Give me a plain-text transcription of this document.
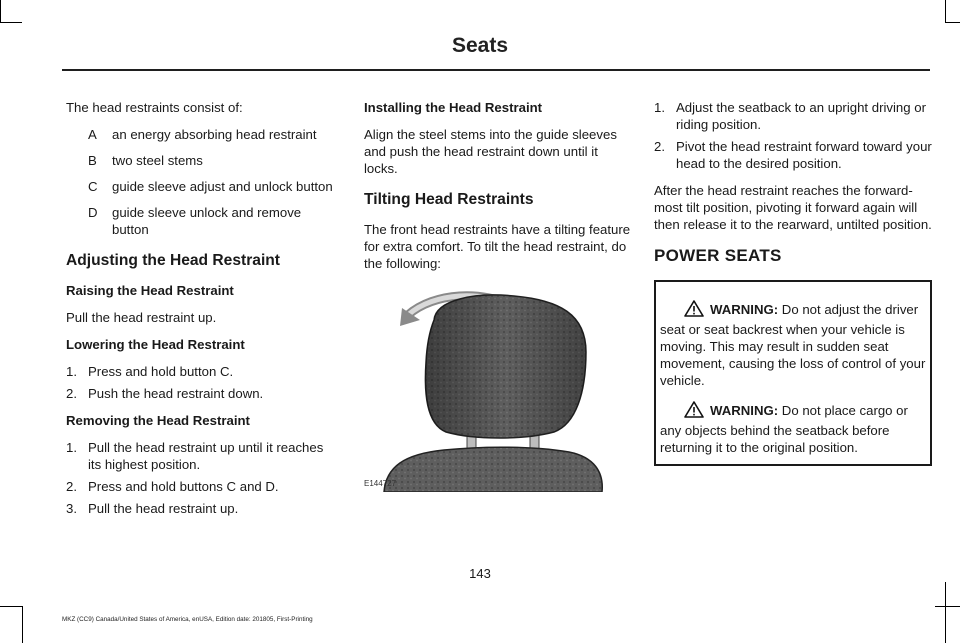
Seats

The head restraints consist of:

A	an energy absorbing head restraint
B	two steel stems
C	guide sleeve adjust and unlock button
D	guide sleeve unlock and remove button
Adjusting the Head Restraint
Raising the Head Restraint

Pull the head restraint up.

Lowering the Head Restraint
1. Press and hold button C.
2. Push the head restraint down.
Removing the Head Restraint
1. Pull the head restraint up until it reaches its highest position.
2. Press and hold buttons C and D.
3. Pull the head restraint up.
Installing the Head Restraint

Align the steel stems into the guide sleeves and push the head restraint down until it locks.

Tilting Head Restraints

The front head restraints have a tilting feature for extra comfort. To tilt the head restraint, do the following:

E144727
1. Adjust the seatback to an upright driving or riding position.
2. Pivot the head restraint forward toward your head to the desired position.

After the head restraint reaches the forward-most tilt position, pivoting it forward again will then release it to the rearward, untilted position.

POWER SEATS

WARNING: Do not adjust the driver seat or seat backrest when your vehicle is moving. This may result in sudden seat movement, causing the loss of control of your vehicle.

WARNING: Do not place cargo or any objects behind the seatback before returning it to the original position.

143
MKZ (CC9) Canada/United States of America, enUSA, Edition date: 201805, First-Printing
